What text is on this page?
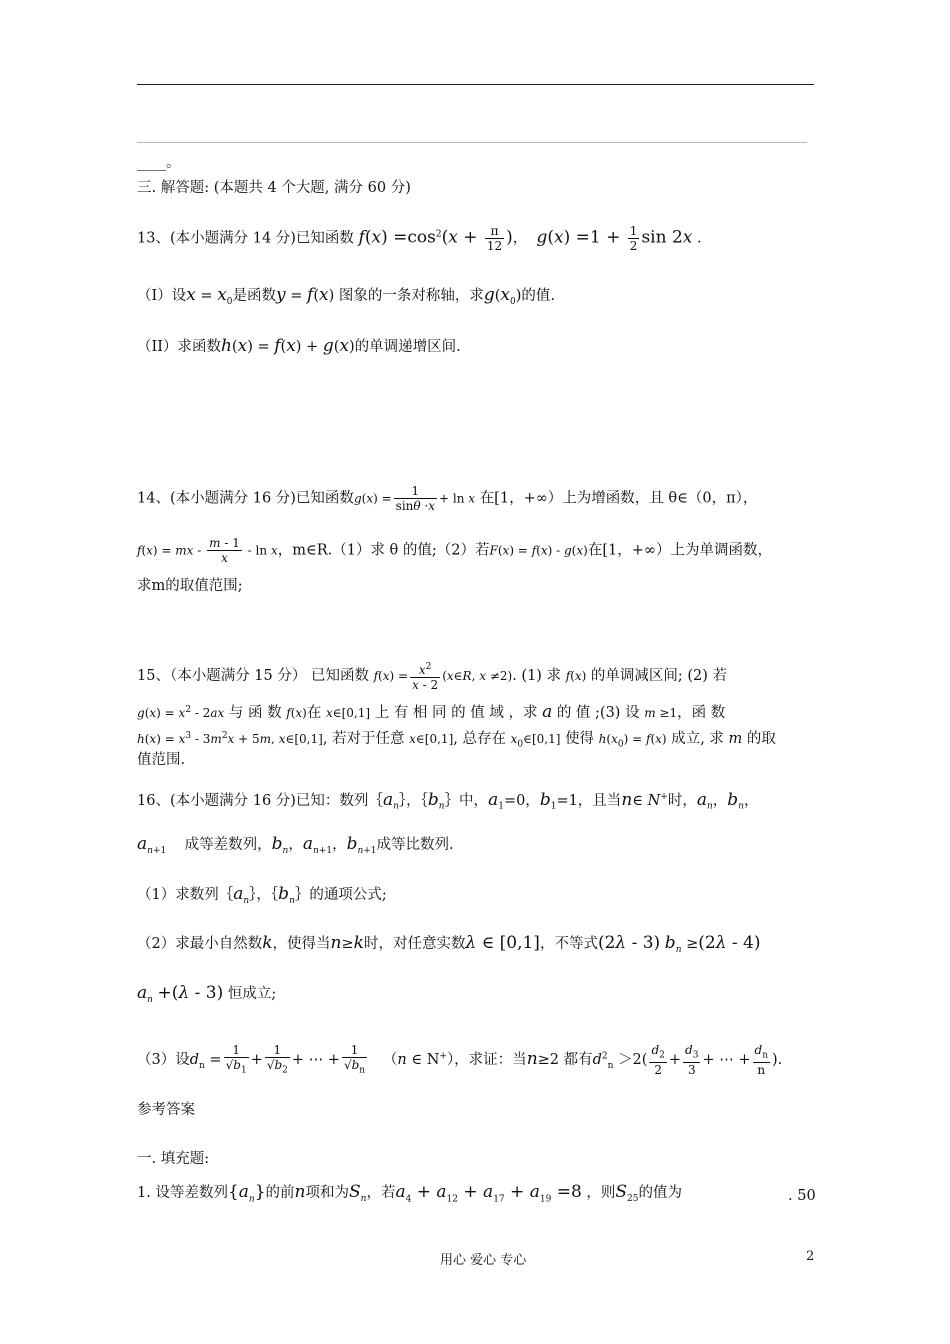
____。
三. 解答题: (本题共 4 个大题, 满分 60 分)
13、(本小题满分 14 分)已知函数 $f(x) =\cos^2(x + \frac{\pi}{12}$ )， $g(x) =1 + \frac{1}{2}$ sin 2x .
（I）设$x = x_0$是函数y = f(x) 图象的一条对称轴，求$g(x_0)$的值.
（II）求函数h(x) = f(x) + g(x)的单调递增区间.
14、(本小题满分 16 分)已知函数$g(x) = \frac{1}{\sin\theta \cdot x} + \ln x$ 在[1，+∞）上为增函数，且 θ∈（0，π），
f(x) = mx - $\frac{m - 1}{x}$ - ln x，m∈R.（1）求 θ 的值;（2）若F(x) = f(x) - g(x)在[1，+∞）上为单调函数，
求m的取值范围;
15、（本小题满分 15 分） 已知函数 $f(x) = \frac{x^2}{x - 2}$ (x∈R, x ≠2). (1) 求 f(x) 的单调减区间; (2) 若
$g(x) = x^2 - 2ax$ 与 函 数 f(x)在 x∈[0,1] 上 有 相 同 的 值 域 ，求 a 的 值 ;(3) 设 m ≥1，函 数
$h(x) = x^3 - 3m^2x + 5m$, x∈[0,1], 若对于任意 x∈[0,1], 总存在 $x_0\in[0,1]$ 使得 $h(x_0) = f(x)$ 成立, 求 m 的取
值范围.
16、(本小题满分 16 分)已知：数列$\{a_n\}$，$\{b_n\}$中，$a_1=0$，$b_1=1$，且当n∈ N+时，$a_n$，$b_n$，
$a_{n+1}$ 成等差数列，$b_n$，$a_{n+1}$，$b_{n+1}$成等比数列.
（1）求数列$\{a_n\}$，$\{b_n\}$的通项公式;
（2）求最小自然数k，使得当n≥k时，对任意实数λ ∈ [0,1]，不等式(2λ - 3) $b_n \ge(2\lambda - 4)$
$a_n +(\lambda - 3)$ 恒成立;
（3）设$d_n = \frac{1}{√b_1} + \frac{1}{√b_2}$ + ⋯ + $\frac{1}{√b_n} (n$ ∈ N+），求证：当n≥2 都有$d^2_n >2( \frac{d_2}{2} + \frac{d_3}{3}$ + ⋯ + $\frac{d_n}{n}$ ).
参考答案
一. 填充题:
1. 设等差数列$\{a_n\}$的前n项和为$S_n$，若$a_4 + a_{12} + a_{17} + a_{19} =8$ ，则$S_{25}$的值为	. 50
用心 爱心 专心	2
